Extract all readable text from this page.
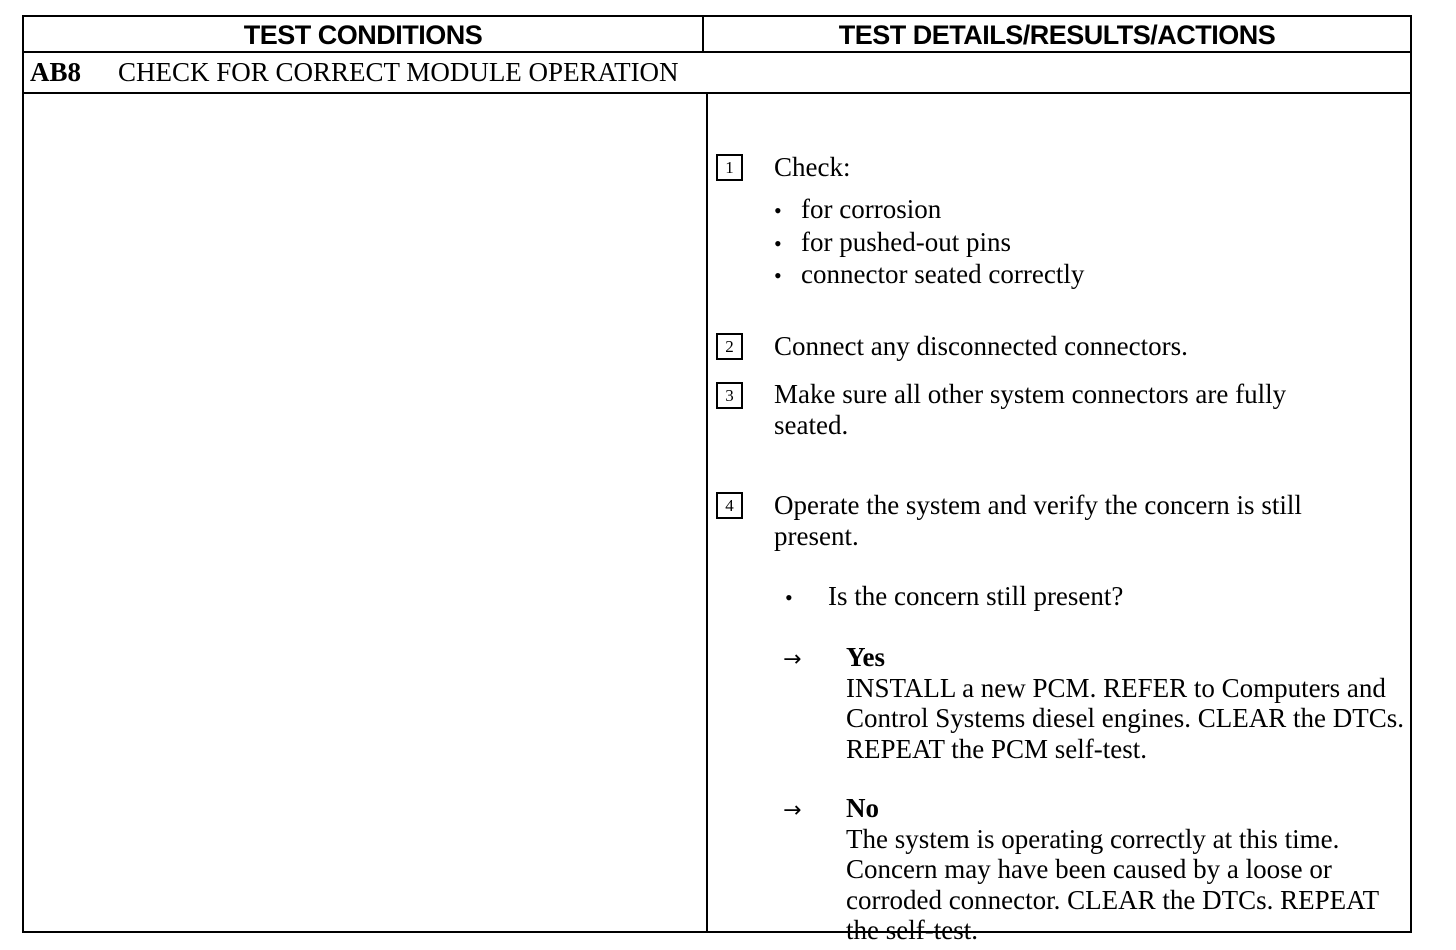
TEST CONDITIONS	TEST DETAILS/RESULTS/ACTIONS
AB8 CHECK FOR CORRECT MODULE OPERATION
1	Check:
• for corrosion
• for pushed-out pins
• connector seated correctly
2	Connect any disconnected connectors.
3	Make sure all other system connectors are fully seated.
4	Operate the system and verify the concern is still present.
• Is the concern still present?
→ Yes
INSTALL a new PCM. REFER to Computers and Control Systems diesel engines. CLEAR the DTCs. REPEAT the PCM self-test.
→ No
The system is operating correctly at this time. Concern may have been caused by a loose or corroded connector. CLEAR the DTCs. REPEAT the self-test.
